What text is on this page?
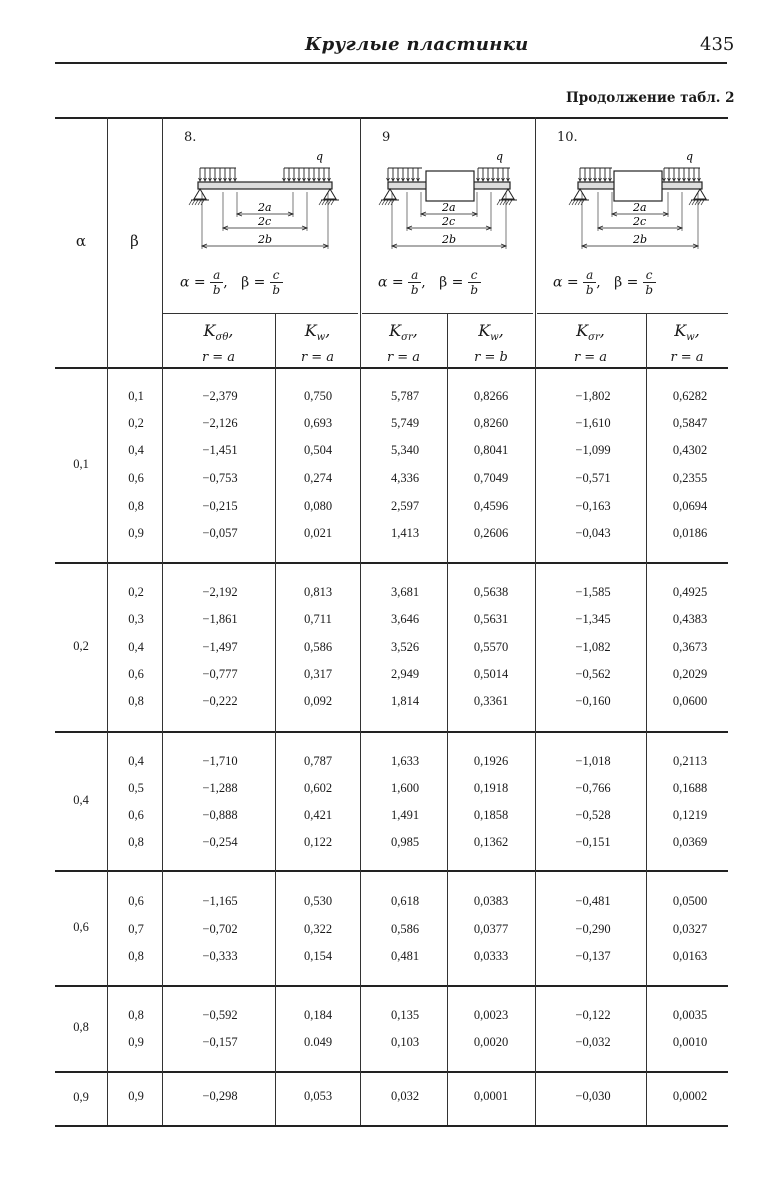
Круглые пластинки	435
Продолжение табл. 2
α	β
8.
q
2a
2c
2b
$\alpha = \frac{a}{b}$ ,   $\beta = \frac{c}{b}$
$K_{\sigma\theta}$,
r = a
$K_w$,
r = a
9
q
2a
2c
2b
$\alpha = \frac{a}{b}$ ,   $\beta = \frac{c}{b}$
$K_{\sigma r}$,
r = a
$K_w$,
r = b
10.
q
2a
2c
2b
$\alpha = \frac{a}{b}$ ,   $\beta = \frac{c}{b}$
$K_{\sigma r}$,
r = a
$K_w$,
r = a
0,1
0,1	−2,379	0,750	5,787	0,8266	−1,802	0,6282
0,2	−2,126	0,693	5,749	0,8260	−1,610	0,5847
0,4	−1,451	0,504	5,340	0,8041	−1,099	0,4302
0,6	−0,753	0,274	4,336	0,7049	−0,571	0,2355
0,8	−0,215	0,080	2,597	0,4596	−0,163	0,0694
0,9	−0,057	0,021	1,413	0,2606	−0,043	0,0186
0,2
0,2	−2,192	0,813	3,681	0,5638	−1,585	0,4925
0,3	−1,861	0,711	3,646	0,5631	−1,345	0,4383
0,4	−1,497	0,586	3,526	0,5570	−1,082	0,3673
0,6	−0,777	0,317	2,949	0,5014	−0,562	0,2029
0,8	−0,222	0,092	1,814	0,3361	−0,160	0,0600
0,4
0,4	−1,710	0,787	1,633	0,1926	−1,018	0,2113
0,5	−1,288	0,602	1,600	0,1918	−0,766	0,1688
0,6	−0,888	0,421	1,491	0,1858	−0,528	0,1219
0,8	−0,254	0,122	0,985	0,1362	−0,151	0,0369
0,6
0,6	−1,165	0,530	0,618	0,0383	−0,481	0,0500
0,7	−0,702	0,322	0,586	0,0377	−0,290	0,0327
0,8	−0,333	0,154	0,481	0,0333	−0,137	0,0163
0,8
0,8	−0,592	0,184	0,135	0,0023	−0,122	0,0035
0,9	−0,157	0.049	0,103	0,0020	−0,032	0,0010
0,9	0,9	−0,298	0,053	0,032	0,0001	−0,030	0,0002
